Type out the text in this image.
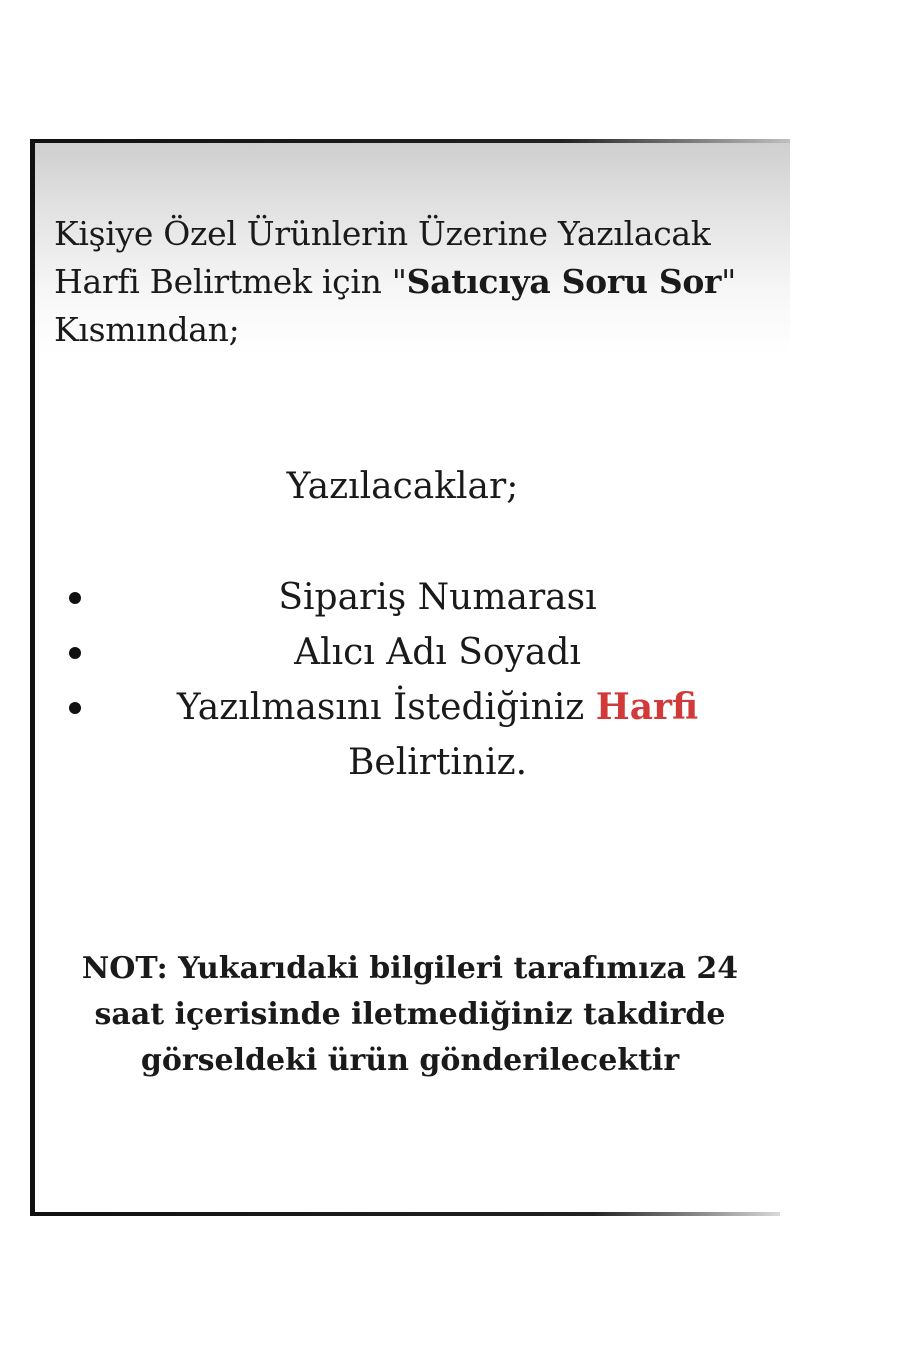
Kişiye Özel Ürünlerin Üzerine Yazılacak Harfi Belirtmek için "Satıcıya Soru Sor" Kısmından;

Yazılacaklar;
Sipariş Numarası
Alıcı Adı Soyadı
Yazılmasını İstediğiniz Harfi Belirtiniz.

NOT: Yukarıdaki bilgileri tarafımıza 24 saat içerisinde iletmediğiniz takdirde görseldeki ürün gönderilecektir
